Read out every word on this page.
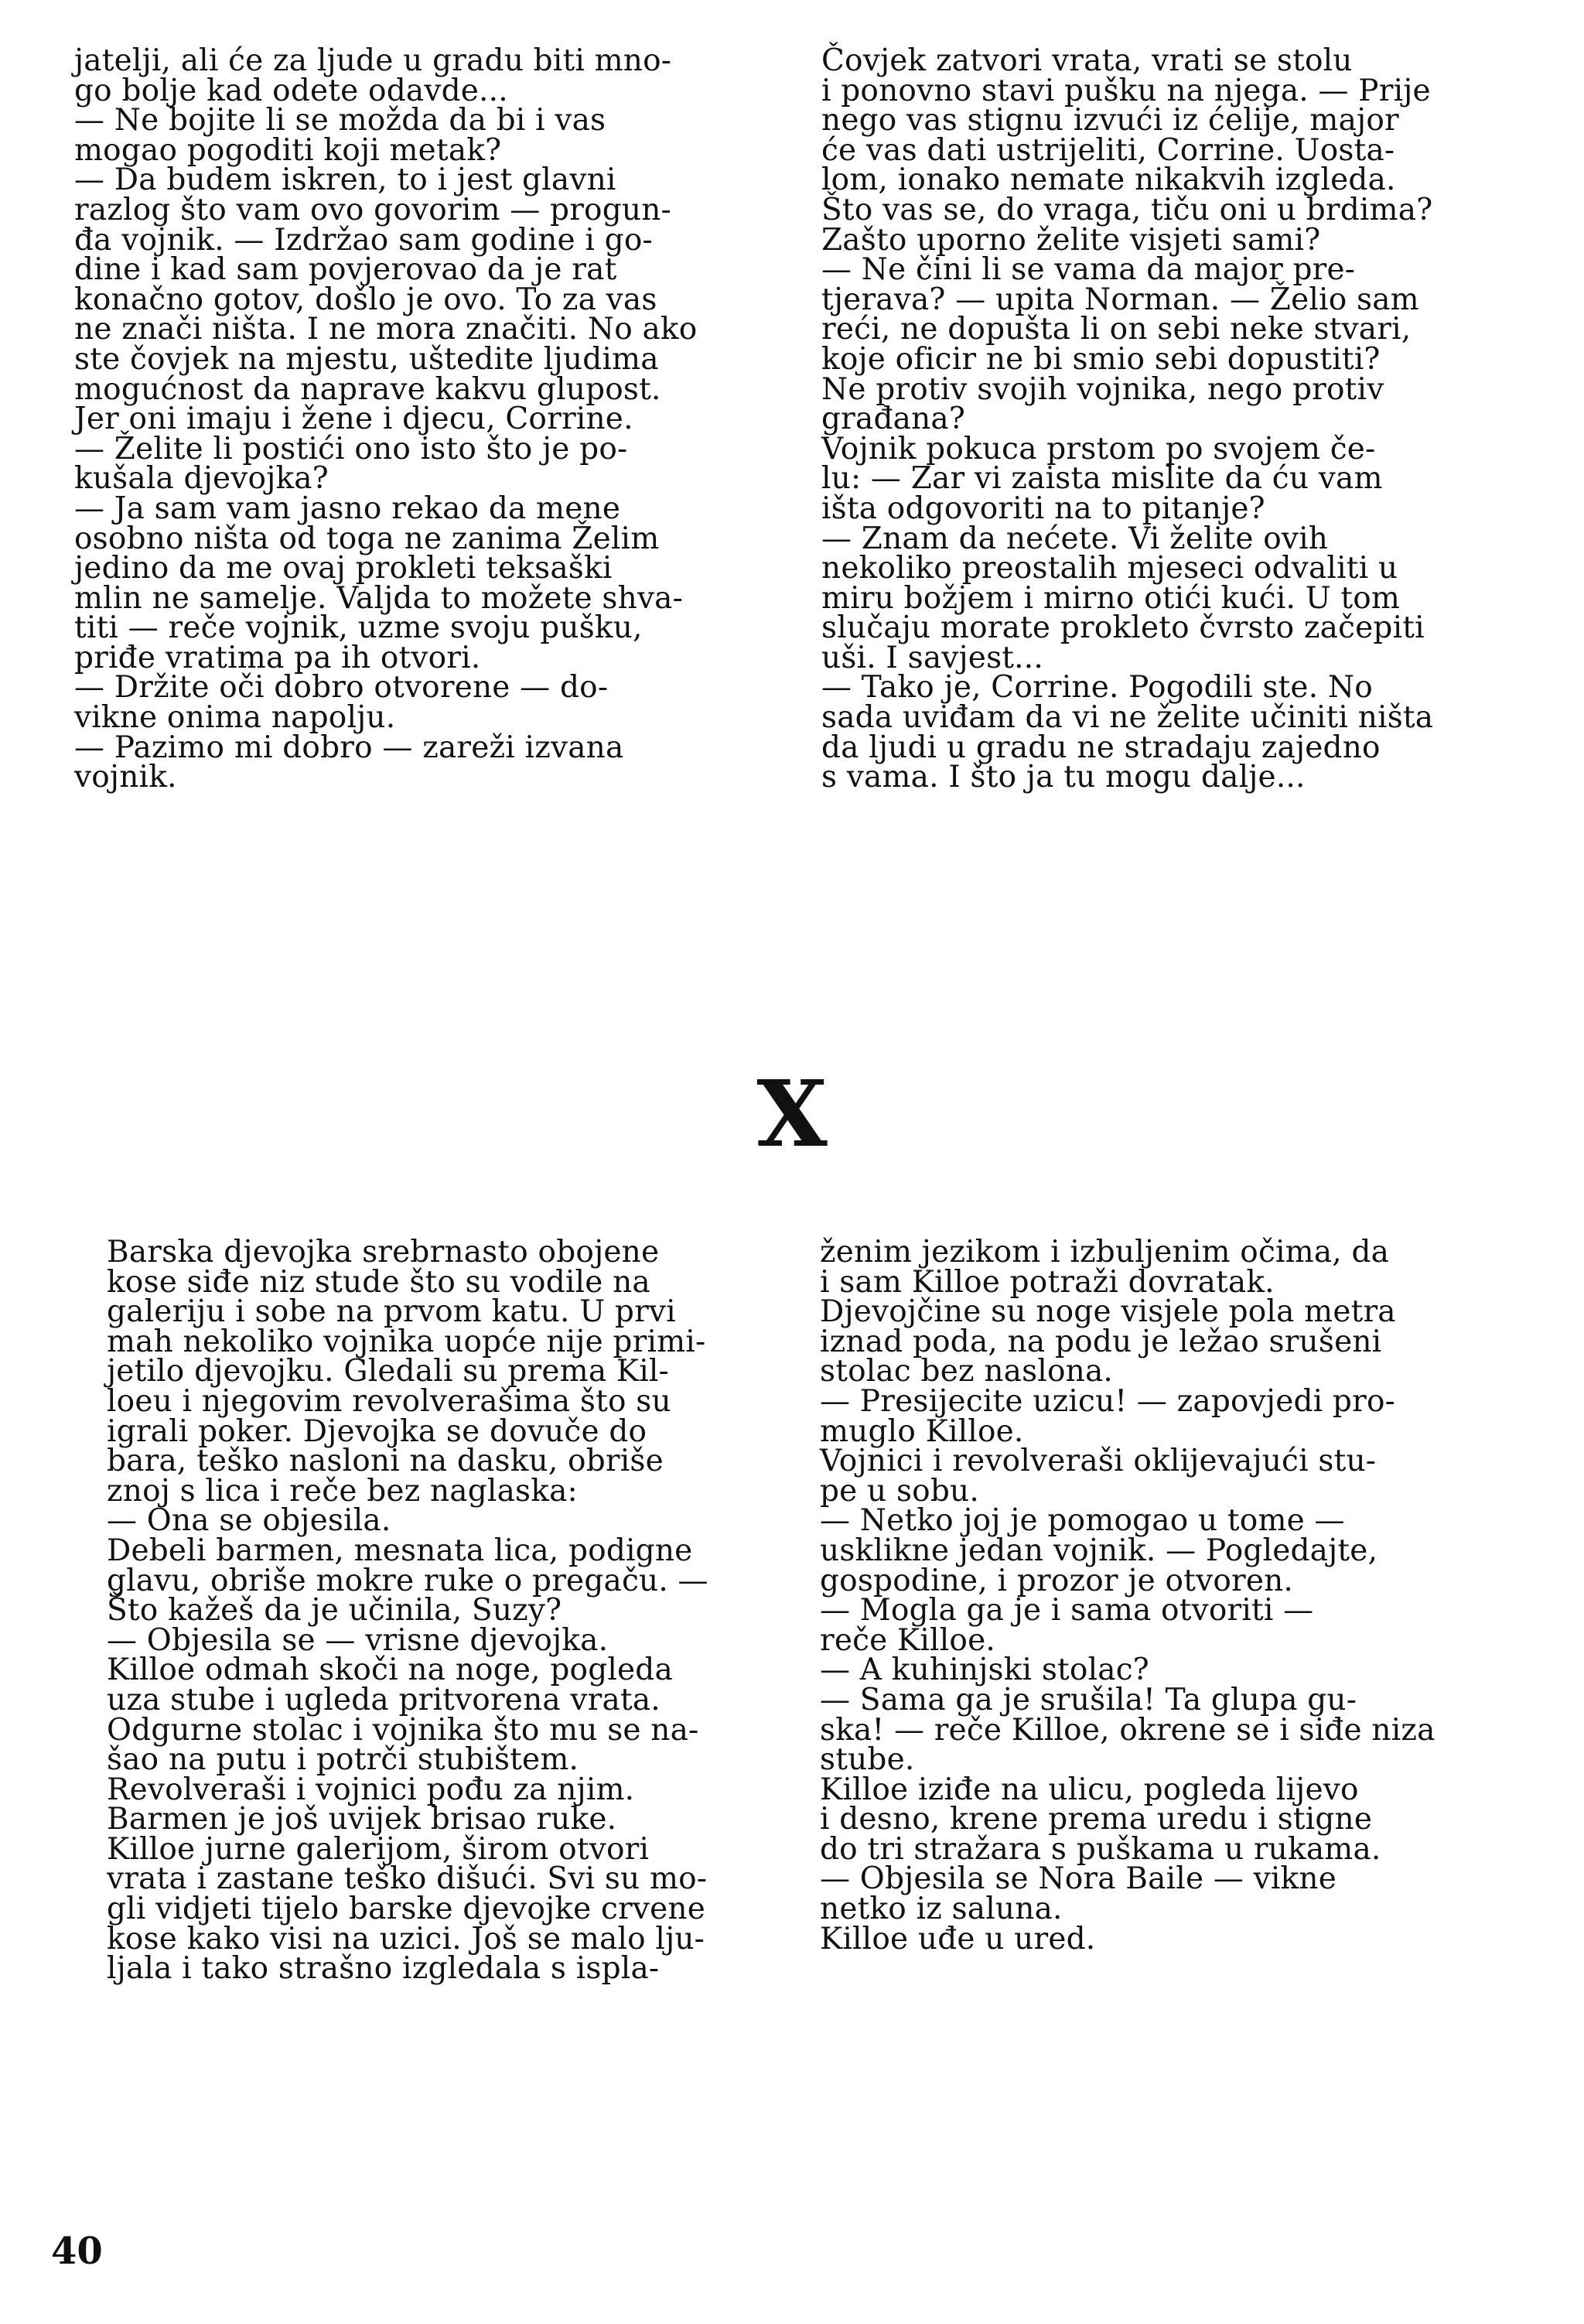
jatelji, ali će za ljude u gradu biti mno-

go bolje kad odete odavde...

— Ne bojite li se možda da bi i vas

mogao pogoditi koji metak?

— Da budem iskren, to i jest glavni

razlog što vam ovo govorim — progun-

đa vojnik. — Izdržao sam godine i go-

dine i kad sam povjerovao da je rat

konačno gotov, došlo je ovo. To za vas

ne znači ništa. I ne mora značiti. No ako

ste čovjek na mjestu, uštedite ljudima

mogućnost da naprave kakvu glupost.

Jer oni imaju i žene i djecu, Corrine.

— Želite li postići ono isto što je po-

kušala djevojka?

— Ja sam vam jasno rekao da mene

osobno ništa od toga ne zanima Želim

jedino da me ovaj prokleti teksaški

mlin ne samelje. Valjda to možete shva-

titi — reče vojnik, uzme svoju pušku,

priđe vratima pa ih otvori.

— Držite oči dobro otvorene — do-

vikne onima napolju.

— Pazimo mi dobro — zareži izvana

vojnik.

Čovjek zatvori vrata, vrati se stolu

i ponovno stavi pušku na njega. — Prije

nego vas stignu izvući iz ćelije, major

će vas dati ustrijeliti, Corrine. Uosta-

lom, ionako nemate nikakvih izgleda.

Što vas se, do vraga, tiču oni u brdima?

Zašto uporno želite visjeti sami?

— Ne čini li se vama da major pre-

tjerava? — upita Norman. — Želio sam

reći, ne dopušta li on sebi neke stvari,

koje oficir ne bi smio sebi dopustiti?

Ne protiv svojih vojnika, nego protiv

građana?

Vojnik pokuca prstom po svojem če-

lu: — Zar vi zaista mislite da ću vam

išta odgovoriti na to pitanje?

— Znam da nećete. Vi želite ovih

nekoliko preostalih mjeseci odvaliti u

miru božjem i mirno otići kući. U tom

slučaju morate prokleto čvrsto začepiti

uši. I savjest...

— Tako je, Corrine. Pogodili ste. No

sada uviđam da vi ne želite učiniti ništa

da ljudi u gradu ne stradaju zajedno

s vama. I što ja tu mogu dalje...

X

Barska djevojka srebrnasto obojene

kose siđe niz stude što su vodile na

galeriju i sobe na prvom katu. U prvi

mah nekoliko vojnika uopće nije primi-

jetilo djevojku. Gledali su prema Kil-

loeu i njegovim revolverašima što su

igrali poker. Djevojka se dovuče do

bara, teško nasloni na dasku, obriše

znoj s lica i reče bez naglaska:

— Ona se objesila.

Debeli barmen, mesnata lica, podigne

glavu, obriše mokre ruke o pregaču. —

Što kažeš da je učinila, Suzy?

— Objesila se — vrisne djevojka.

Killoe odmah skoči na noge, pogleda

uza stube i ugleda pritvorena vrata.

Odgurne stolac i vojnika što mu se na-

šao na putu i potrči stubištem.

Revolveraši i vojnici pođu za njim.

Barmen je još uvijek brisao ruke.

Killoe jurne galerijom, širom otvori

vrata i zastane teško dišući. Svi su mo-

gli vidjeti tijelo barske djevojke crvene

kose kako visi na uzici. Još se malo lju-

ljala i tako strašno izgledala s ispla-

ženim jezikom i izbuljenim očima, da

i sam Killoe potraži dovratak.

Djevojčine su noge visjele pola metra

iznad poda, na podu je ležao srušeni

stolac bez naslona.

— Presijecite uzicu! — zapovjedi pro-

muglo Killoe.

Vojnici i revolveraši oklijevajući stu-

pe u sobu.

— Netko joj je pomogao u tome —

usklikne jedan vojnik. — Pogledajte,

gospodine, i prozor je otvoren.

— Mogla ga je i sama otvoriti —

reče Killoe.

— A kuhinjski stolac?

— Sama ga je srušila! Ta glupa gu-

ska! — reče Killoe, okrene se i siđe niza

stube.

Killoe iziđe na ulicu, pogleda lijevo

i desno, krene prema uredu i stigne

do tri stražara s puškama u rukama.

— Objesila se Nora Baile — vikne

netko iz saluna.

Killoe uđe u ured.

40
